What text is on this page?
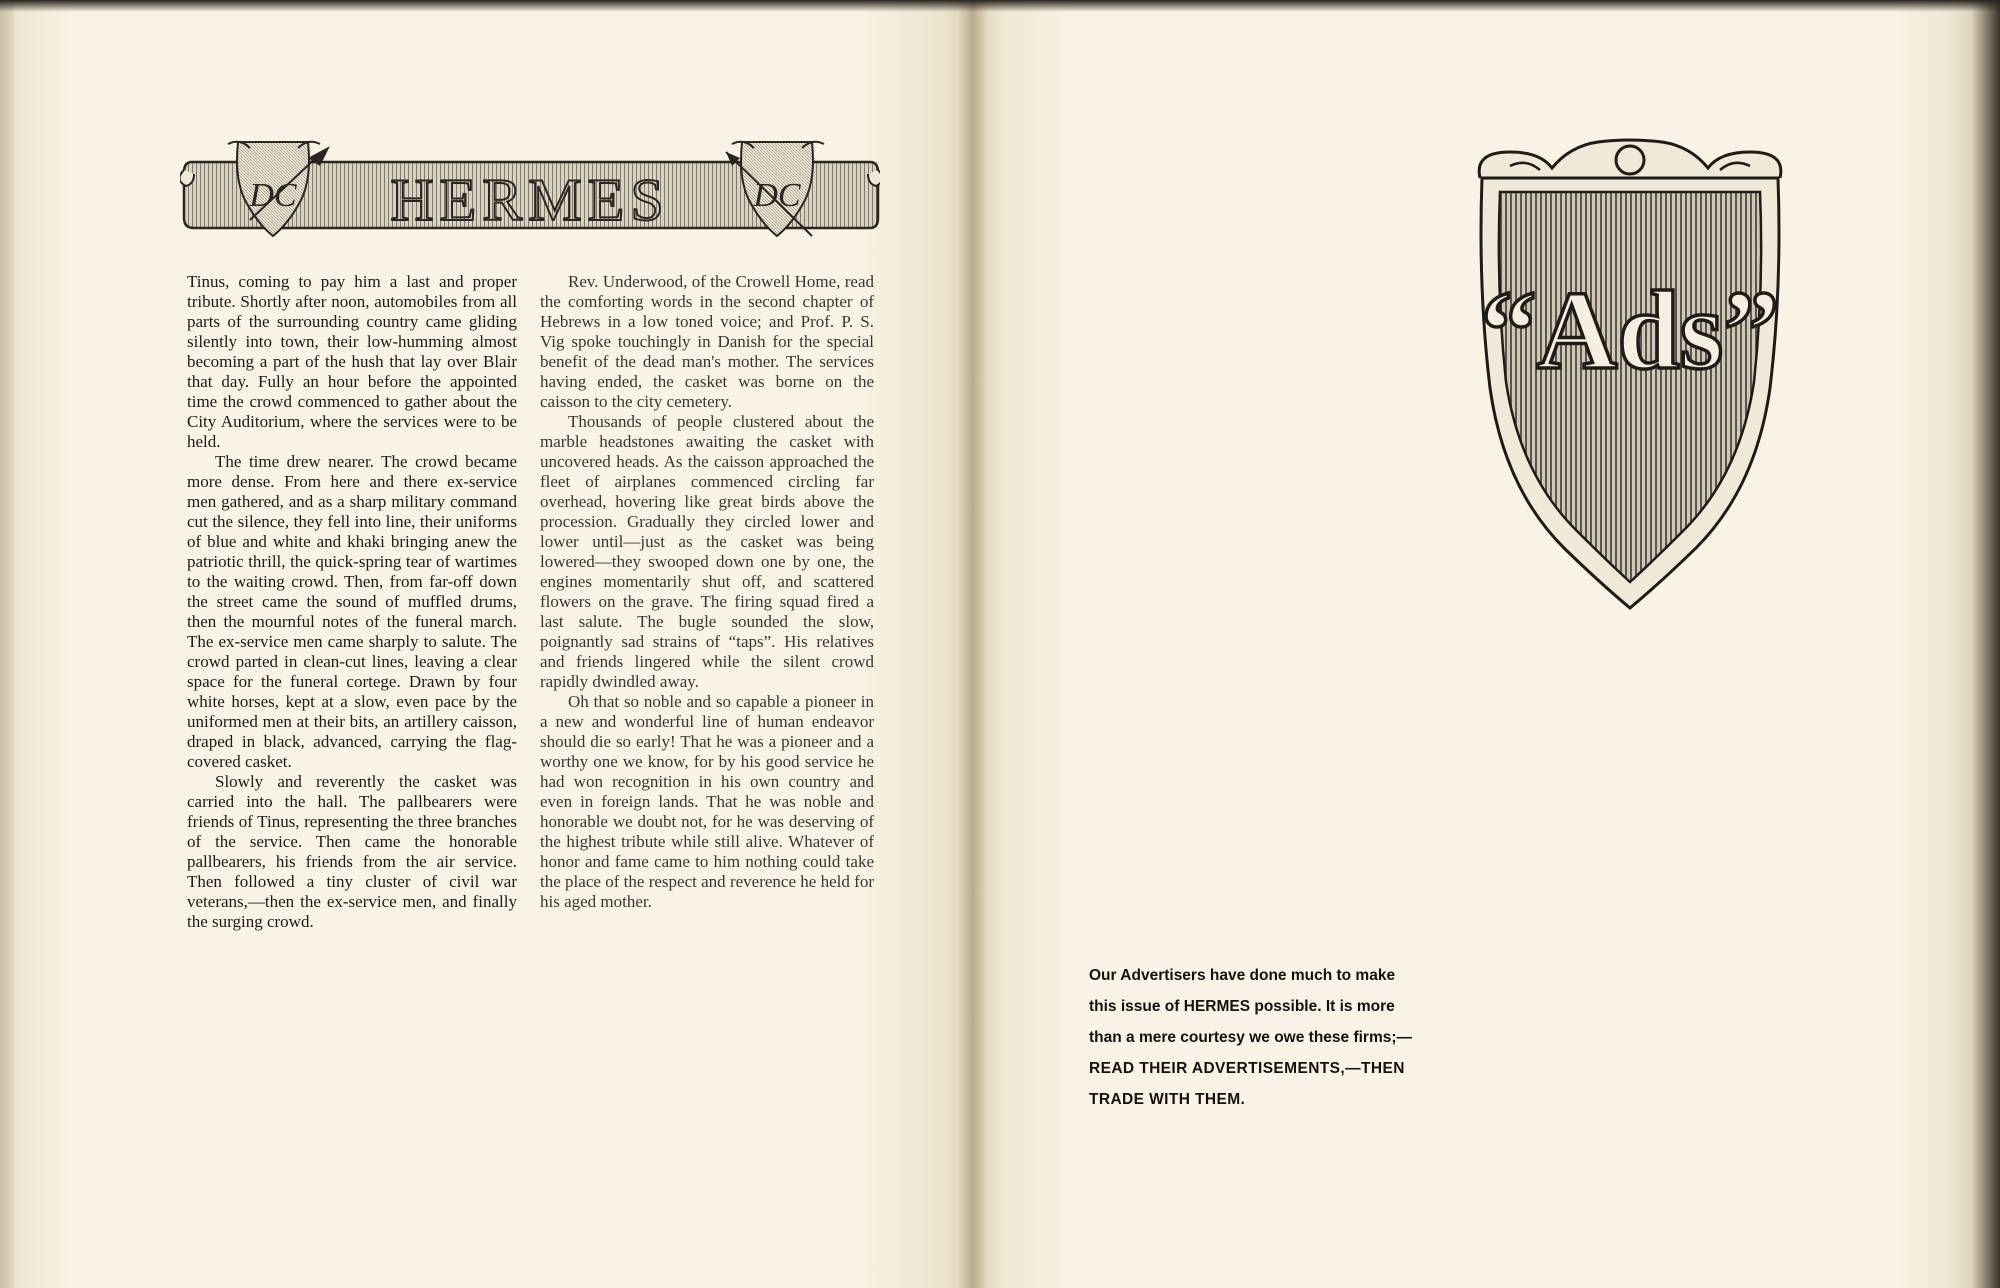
DC HERMES DC

Tinus, coming to pay him a last and proper tribute. Shortly after noon, automobiles from all parts of the surrounding country came gliding silently into town, their low-humming almost becoming a part of the hush that lay over Blair that day. Fully an hour before the appointed time the crowd commenced to gather about the City Auditorium, where the services were to be held.

The time drew nearer. The crowd became more dense. From here and there ex-service men gathered, and as a sharp military command cut the silence, they fell into line, their uniforms of blue and white and khaki bringing anew the patriotic thrill, the quick-spring tear of wartimes to the waiting crowd. Then, from far-off down the street came the sound of muffled drums, then the mournful notes of the funeral march. The ex-service men came sharply to salute. The crowd parted in clean-cut lines, leaving a clear space for the funeral cortege. Drawn by four white horses, kept at a slow, even pace by the uniformed men at their bits, an artillery caisson, draped in black, advanced, carrying the flag-covered casket.

Slowly and reverently the casket was carried into the hall. The pallbearers were friends of Tinus, representing the three branches of the service. Then came the honorable pallbearers, his friends from the air service. Then followed a tiny cluster of civil war veterans,—then the ex-service men, and finally the surging crowd.

Rev. Underwood, of the Crowell Home, read the comforting words in the second chapter of Hebrews in a low toned voice; and Prof. P. S. Vig spoke touchingly in Danish for the special benefit of the dead man's mother. The services having ended, the casket was borne on the caisson to the city cemetery.

Thousands of people clustered about the marble headstones awaiting the casket with uncovered heads. As the caisson approached the fleet of airplanes commenced circling far overhead, hovering like great birds above the procession. Gradually they circled lower and lower until—just as the casket was being lowered—they swooped down one by one, the engines momentarily shut off, and scattered flowers on the grave. The firing squad fired a last salute. The bugle sounded the slow, poignantly sad strains of “taps”. His relatives and friends lingered while the silent crowd rapidly dwindled away.

Oh that so noble and so capable a pioneer in a new and wonderful line of human endeavor should die so early! That he was a pioneer and a worthy one we know, for by his good service he had won recognition in his own country and even in foreign lands. That he was noble and honorable we doubt not, for he was deserving of the highest tribute while still alive. Whatever of honor and fame came to him nothing could take the place of the respect and reverence he held for his aged mother.

“Ads”
Our Advertisers have done much to make
this issue of HERMES possible. It is more
than a mere courtesy we owe these firms;—
READ THEIR ADVERTISEMENTS,—THEN
TRADE WITH THEM.
